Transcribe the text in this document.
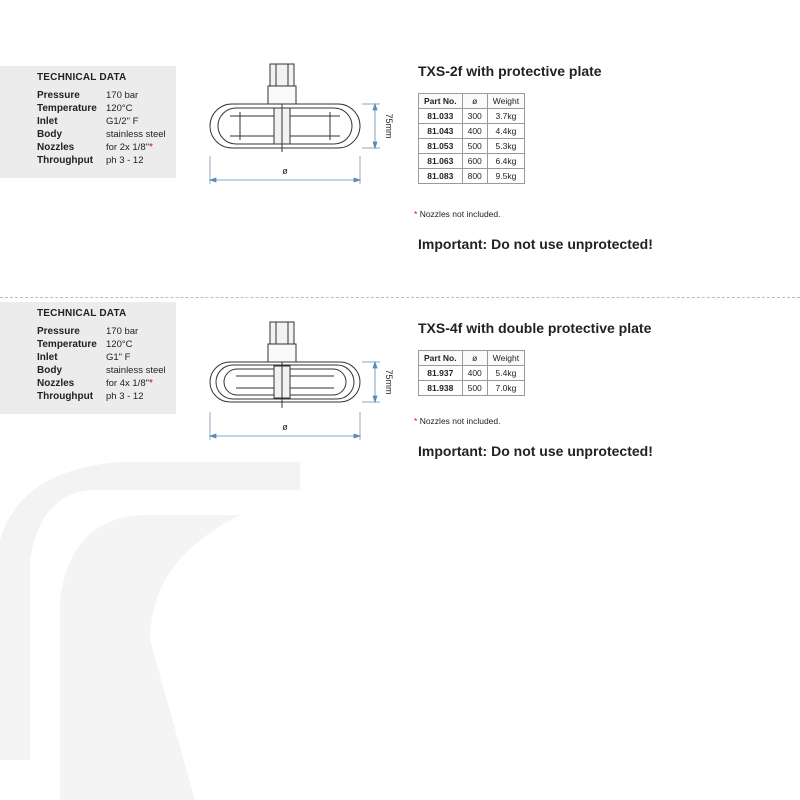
TECHNICAL DATA
Pressure	170 bar
Temperature 120°C
Inlet	G1/2" F
Body	stainless steel
Nozzles	for 2x 1/8"*
Throughput ph 3 - 12
ø
75mm
TXS-2f with protective plate
Part No.	ø	Weight
81.033	300	3.7kg
81.043	400	4.4kg
81.053	500	5.3kg
81.063	600	6.4kg
81.083	800	9.5kg
* Nozzles not included.
Important: Do not use unprotected!
TECHNICAL DATA
Pressure	170 bar
Temperature 120°C
Inlet	G1" F
Body	stainless steel
Nozzles	for 4x 1/8"*
Throughput ph 3 - 12
ø
75mm
TXS-4f with double protective plate
Part No.	ø	Weight
81.937	400	5.4kg
81.938	500	7.0kg
* Nozzles not included.
Important: Do not use unprotected!
